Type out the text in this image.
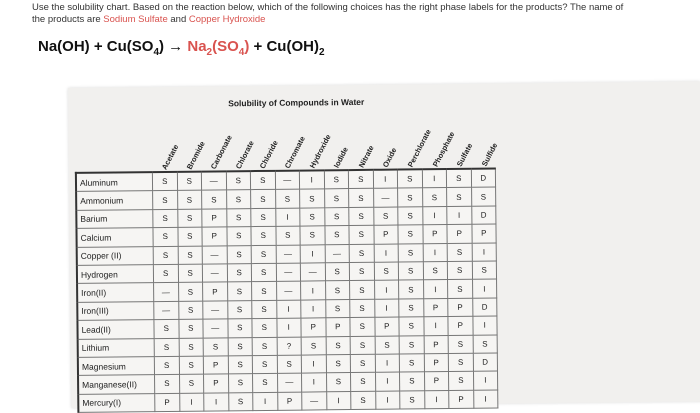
Use the solubility chart. Based on the reaction below, which of the following choices has the right phase labels for the products? The name of
the products are Sodium Sulfate and Copper Hydroxide
$Na(OH) + Cu(SO_4) \to Na_2(SO_4) + Cu(OH)_2$
Solubility of Compounds in Water
Acetate Bromide Carbonate Chlorate Chloride Chromate Hydroxide Iodide Nitrate Oxide Perchlorate
Phosphate
Sulfate Sulfide
Aluminum	S	S	—	S	S	—	I	S	S	I	S	I	S	D
Ammonium	S	S	S	S	S	S	S	S	S	—	S	S	S	S
Barium	S	S	P	S	S	I	S	S	S	S	S	I	I	D
Calcium	S	S	P	S	S	S	S	S	S	P	S	P	P	P
Copper (II)	S	S	—	S	S	—	I	—	S	I	S	I	S	I
Hydrogen	S	S	—	S	S	—	—	S	S	S	S	S	S	S
Iron(II)	—	S	P	S	S	—	I	S	S	I	S	I	S	I
Iron(III)	—	S	—	S	S	I	I	S	S	I	S	P	P	D
Lead(II)	S	S	—	S	S	I	P	P	S	P	S	I	P	I
Lithium	S	S	S	S	S	?	S	S	S	S	S	P	S	S
Magnesium	S	S	P	S	S	S	I	S	S	I	S	P	S	D
Manganese(II)	S	S	P	S	S	—	I	S	S	I	S	P	S	I
Mercury(I)	P	I	I	S	I	P	—	I	S	I	S	I	P	I
